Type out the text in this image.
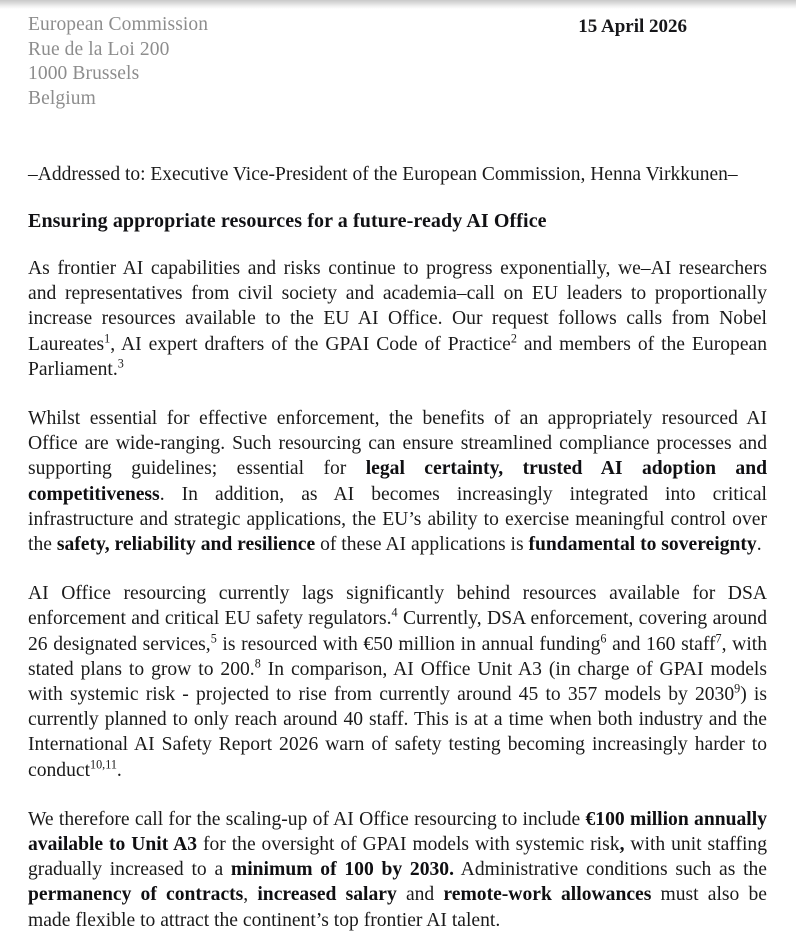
European Commission
Rue de la Loi 200
1000 Brussels
Belgium
15 April 2026
–Addressed to: Executive Vice-President of the European Commission, Henna Virkkunen–
Ensuring appropriate resources for a future-ready AI Office

As frontier AI capabilities and risks continue to progress exponentially, we–AI researchers and representatives from civil society and academia–call on EU leaders to proportionally increase resources available to the EU AI Office. Our request follows calls from Nobel Laureates$^1$, AI expert drafters of the GPAI Code of Practice$^2$ and members of the European Parliament.$^3$

Whilst essential for effective enforcement, the benefits of an appropriately resourced AI Office are wide-ranging. Such resourcing can ensure streamlined compliance processes and supporting guidelines; essential for legal certainty, trusted AI adoption and competitiveness. In addition, as AI becomes increasingly integrated into critical infrastructure and strategic applications, the EU’s ability to exercise meaningful control over the safety, reliability and resilience of these AI applications is fundamental to sovereignty.

AI Office resourcing currently lags significantly behind resources available for DSA enforcement and critical EU safety regulators.$^4$ Currently, DSA enforcement, covering around 26 designated services,$^5$ is resourced with €50 million in annual funding$^6$ and 160 staff$^7$, with stated plans to grow to 200.$^8$ In comparison, AI Office Unit A3 (in charge of GPAI models with systemic risk - projected to rise from currently around 45 to 357 models by 2030$^9$) is currently planned to only reach around 40 staff. This is at a time when both industry and the International AI Safety Report 2026 warn of safety testing becoming increasingly harder to conduct$^{10,11}$.

We therefore call for the scaling-up of AI Office resourcing to include €100 million annually available to Unit A3 for the oversight of GPAI models with systemic risk, with unit staffing gradually increased to a minimum of 100 by 2030. Administrative conditions such as the permanency of contracts, increased salary and remote-work allowances must also be made flexible to attract the continent’s top frontier AI talent.
